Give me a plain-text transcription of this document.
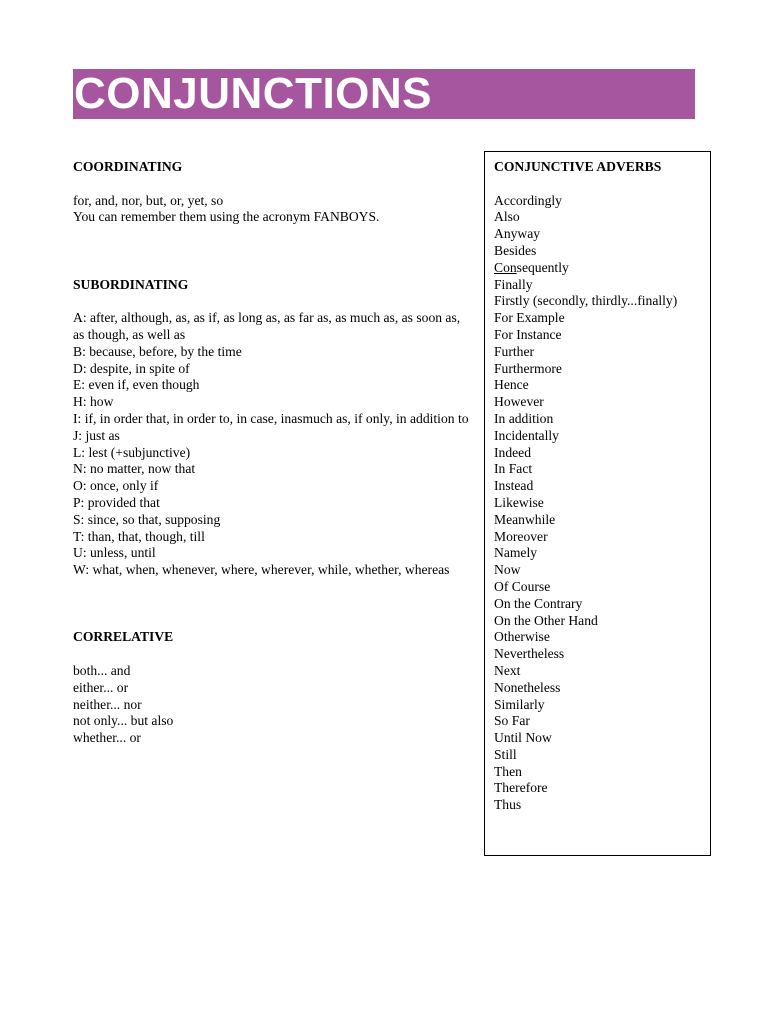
CONJUNCTIONS
COORDINATING
for, and, nor, but, or, yet, so
You can remember them using the acronym FANBOYS.
SUBORDINATING
A: after, although, as, as if, as long as, as far as, as much as, as soon as, as though, as well as
B: because, before, by the time
D: despite, in spite of
E: even if, even though
H: how
I: if, in order that, in order to, in case, inasmuch as, if only, in addition to
J: just as
L: lest (+subjunctive)
N: no matter, now that
O: once, only if
P: provided that
S: since, so that, supposing
T: than, that, though, till
U: unless, until
W: what, when, whenever, where, wherever, while, whether, whereas
CORRELATIVE
both... and
either... or
neither... nor
not only... but also
whether... or
CONJUNCTIVE ADVERBS
Accordingly
Also
Anyway
Besides
Consequently
Finally
Firstly (secondly, thirdly...finally)
For Example
For Instance
Further
Furthermore
Hence
However
In addition
Incidentally
Indeed
In Fact
Instead
Likewise
Meanwhile
Moreover
Namely
Now
Of Course
On the Contrary
On the Other Hand
Otherwise
Nevertheless
Next
Nonetheless
Similarly
So Far
Until Now
Still
Then
Therefore
Thus
